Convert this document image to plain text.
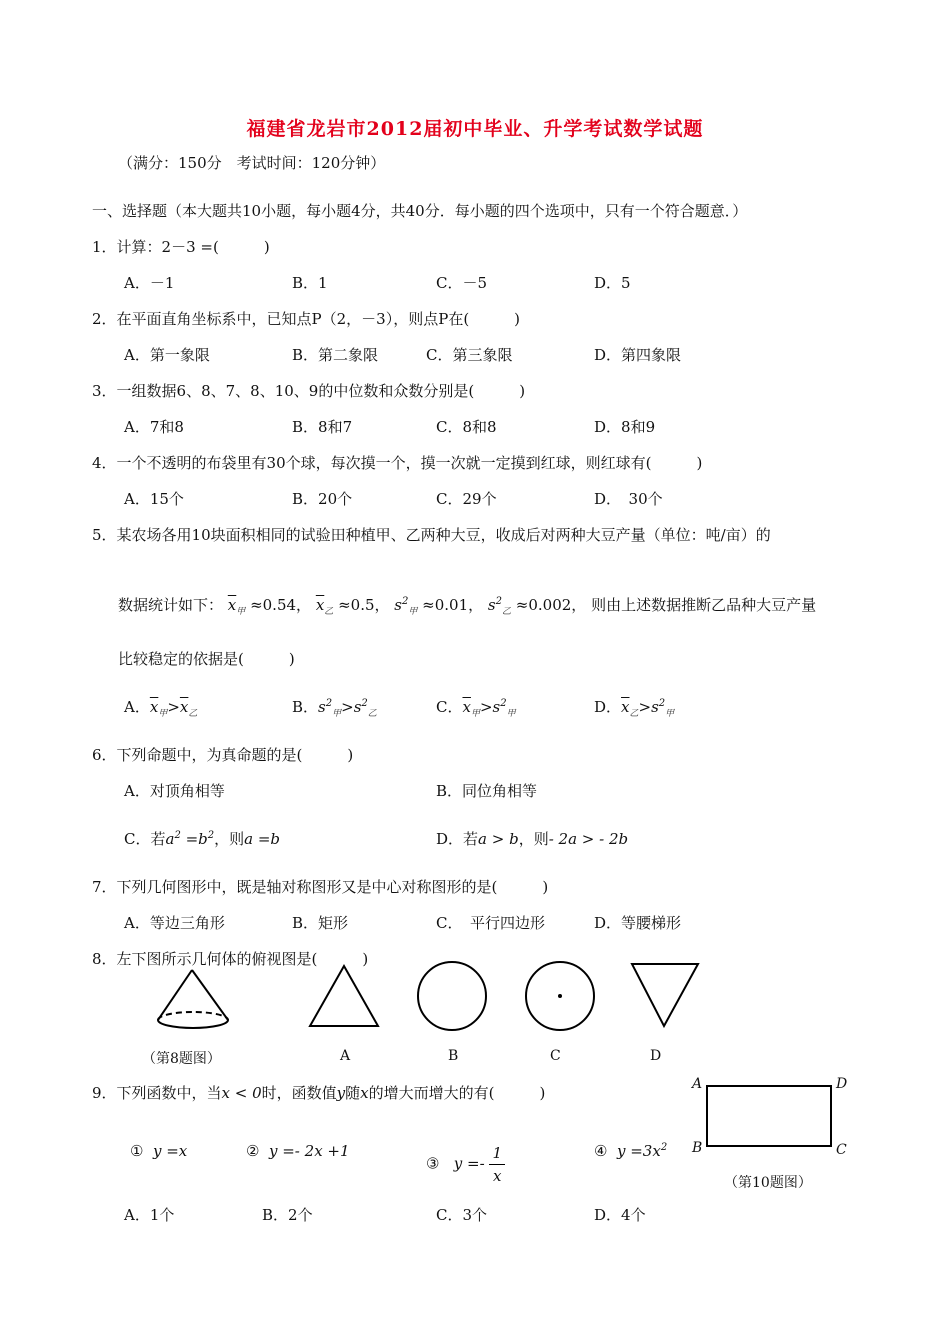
福建省龙岩市2012届初中毕业、升学考试数学试题
（满分：150分　考试时间：120分钟）
一、选择题（本大题共10小题，每小题4分，共40分．每小题的四个选项中，只有一个符合题意．）
1．计算：2－3 =(　　　)
A．－1	B．1	C．－5	D．5
2．在平面直角坐标系中，已知点P（2，－3），则点P在(　　　)
A．第一象限	B．第二象限	C．第三象限	D．第四象限
3．一组数据6、8、7、8、10、9的中位数和众数分别是(　　　)
A．7和8	B．8和7	C．8和8	D．8和9
4．一个不透明的布袋里有30个球，每次摸一个，摸一次就一定摸到红球，则红球有(　　　)
A．15个	B．20个	C．29个	D．　30个
5．某农场各用10块面积相同的试验田种植甲、乙两种大豆，收成后对两种大豆产量（单位：吨/亩）的
数据统计如下： $\overline{x}_甲 \approx 0.54$， $\overline{x}_乙 \approx 0.5$， $s^2_甲 \approx 0.01$， $s^2_乙 \approx 0.002$， 则由上述数据推断乙品种大豆产量
比较稳定的依据是(　　　)
A．$\overline{x}_甲>\overline{x}_乙$	B．$s^2_甲>s^2_乙$	C．$\overline{x}_甲>s^2_甲$	D．$\overline{x}_乙>s^2_甲$
6．下列命题中，为真命题的是(　　　)
A．对顶角相等	B．同位角相等
C．若$a^2 =b^2$，则a =b	D．若a > b，则- 2a > - 2b
7．下列几何图形中，既是轴对称图形又是中心对称图形的是(　　　)
A．等边三角形	B．矩形	C．　平行四边形	D．等腰梯形
8．左下图所示几何体的俯视图是(　　　)
（第8题图）	A	B	C	D
9．下列函数中，当x < 0时，函数值y随x的增大而增大的有(　　　)
① y =x	② y =- 2x +1
③ $y =- \frac{1}{x}$	④ $y =3x^2$
A．1个	B．2个	C．3个	D．4个
A	D
B	C
（第10题图）
